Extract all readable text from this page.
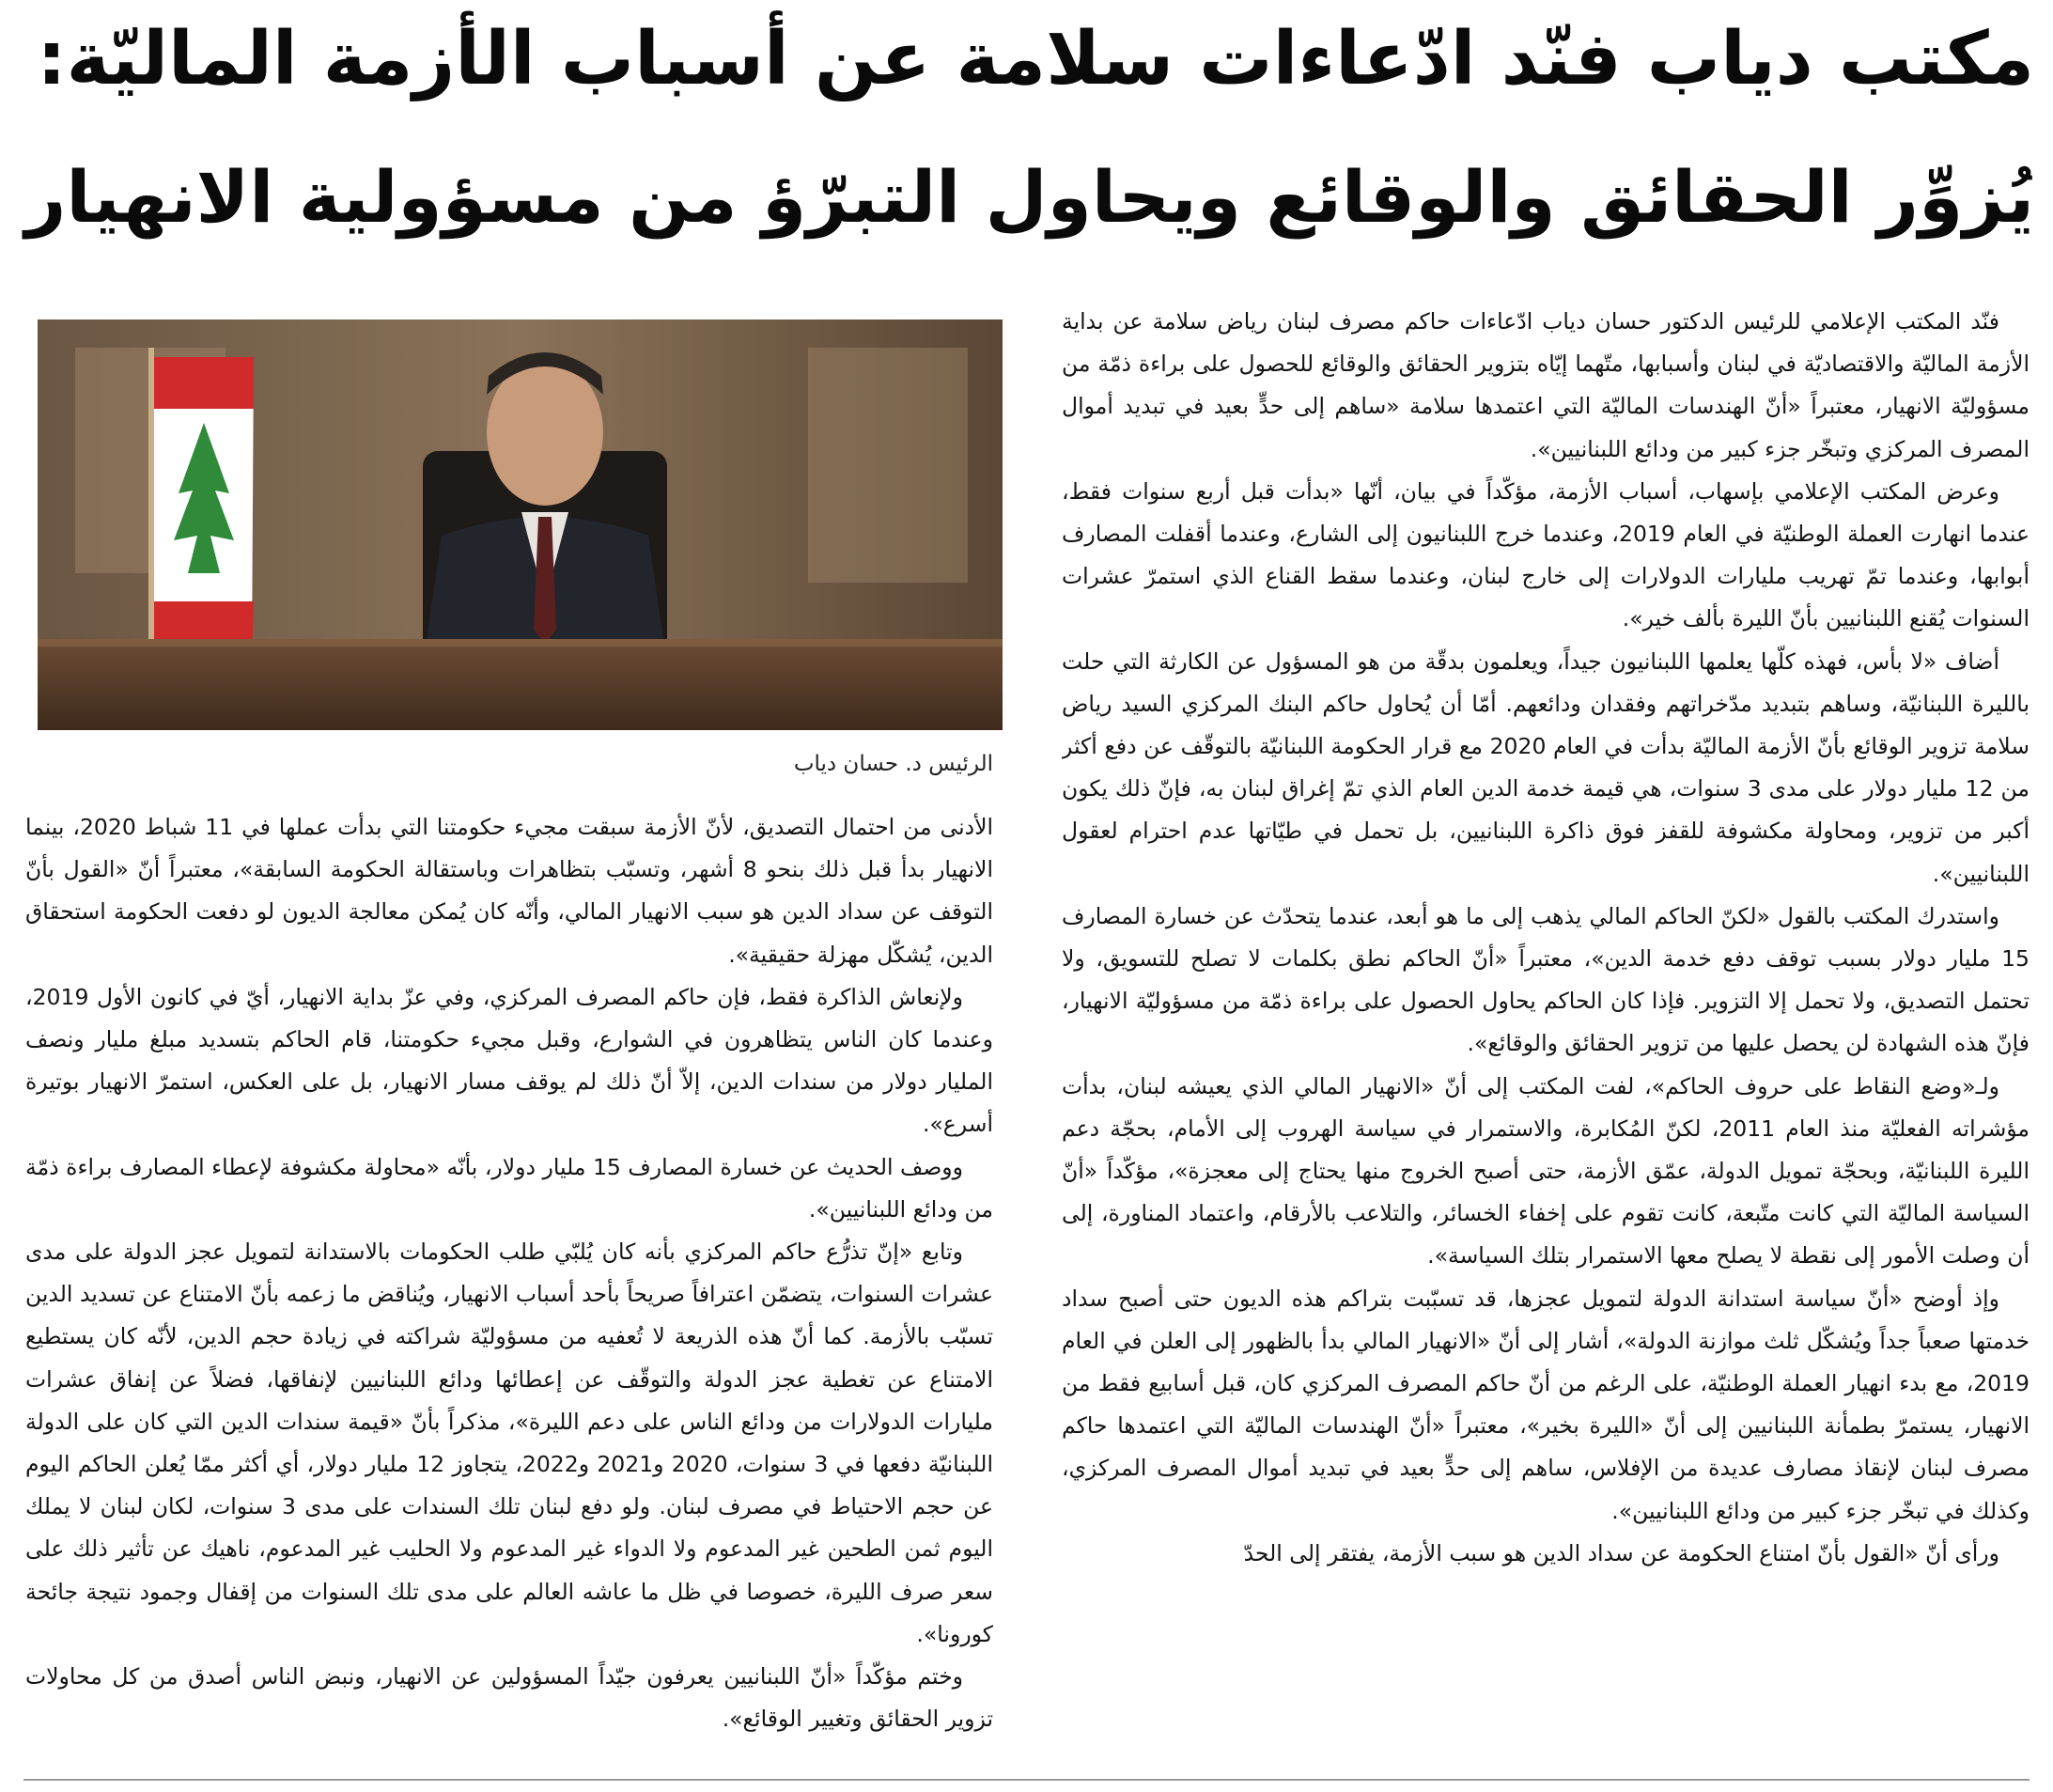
مكتب دياب فنّد ادّعاءات سلامة عن أسباب الأزمة الماليّة:
يُزوِّر الحقائق والوقائع ويحاول التبرّؤ من مسؤولية الانهيار

فنّد المكتب الإعلامي للرئيس الدكتور حسان دياب ادّعاءات حاكم مصرف لبنان رياض سلامة عن بداية الأزمة الماليّة والاقتصاديّة في لبنان وأسبابها، متّهما إيّاه بتزوير الحقائق والوقائع للحصول على براءة ذمّة من مسؤوليّة الانهيار، معتبراً «أنّ الهندسات الماليّة التي اعتمدها سلامة «ساهم إلى حدٍّ بعيد في تبديد أموال المصرف المركزي وتبخّر جزء كبير من ودائع اللبنانيين».

وعرض المكتب الإعلامي بإسهاب، أسباب الأزمة، مؤكّداً في بيان، أنّها «بدأت قبل أربع سنوات فقط، عندما انهارت العملة الوطنيّة في العام 2019، وعندما خرج اللبنانيون إلى الشارع، وعندما أقفلت المصارف أبوابها، وعندما تمّ تهريب مليارات الدولارات إلى خارج لبنان، وعندما سقط القناع الذي استمرّ عشرات السنوات يُقنع اللبنانيين بأنّ الليرة بألف خير».

أضاف «لا بأس، فهذه كلّها يعلمها اللبنانيون جيداً، ويعلمون بدقّة من هو المسؤول عن الكارثة التي حلت بالليرة اللبنانيّة، وساهم بتبديد مدّخراتهم وفقدان ودائعهم. أمّا أن يُحاول حاكم البنك المركزي السيد رياض سلامة تزوير الوقائع بأنّ الأزمة الماليّة بدأت في العام 2020 مع قرار الحكومة اللبنانيّة بالتوقّف عن دفع أكثر من 12 مليار دولار على مدى 3 سنوات، هي قيمة خدمة الدين العام الذي تمّ إغراق لبنان به، فإنّ ذلك يكون أكبر من تزوير، ومحاولة مكشوفة للقفز فوق ذاكرة اللبنانيين، بل تحمل في طيّاتها عدم احترام لعقول اللبنانيين».

واستدرك المكتب بالقول «لكنّ الحاكم المالي يذهب إلى ما هو أبعد، عندما يتحدّث عن خسارة المصارف 15 مليار دولار بسبب توقف دفع خدمة الدين»، معتبراً «أنّ الحاكم نطق بكلمات لا تصلح للتسويق، ولا تحتمل التصديق، ولا تحمل إلا التزوير. فإذا كان الحاكم يحاول الحصول على براءة ذمّة من مسؤوليّة الانهيار، فإنّ هذه الشهادة لن يحصل عليها من تزوير الحقائق والوقائع».

ولـ«وضع النقاط على حروف الحاكم»، لفت المكتب إلى أنّ «الانهيار المالي الذي يعيشه لبنان، بدأت مؤشراته الفعليّة منذ العام 2011، لكنّ المُكابرة، والاستمرار في سياسة الهروب إلى الأمام، بحجّة دعم الليرة اللبنانيّة، وبحجّة تمويل الدولة، عمّق الأزمة، حتى أصبح الخروج منها يحتاج إلى معجزة»، مؤكّداً «أنّ السياسة الماليّة التي كانت متّبعة، كانت تقوم على إخفاء الخسائر، والتلاعب بالأرقام، واعتماد المناورة، إلى أن وصلت الأمور إلى نقطة لا يصلح معها الاستمرار بتلك السياسة».

وإذ أوضح «أنّ سياسة استدانة الدولة لتمويل عجزها، قد تسبّبت بتراكم هذه الديون حتى أصبح سداد خدمتها صعباً جداً ويُشكّل ثلث موازنة الدولة»، أشار إلى أنّ «الانهيار المالي بدأ بالظهور إلى العلن في العام 2019، مع بدء انهيار العملة الوطنيّة، على الرغم من أنّ حاكم المصرف المركزي كان، قبل أسابيع فقط من الانهيار، يستمرّ بطمأنة اللبنانيين إلى أنّ «الليرة بخير»، معتبراً «أنّ الهندسات الماليّة التي اعتمدها حاكم مصرف لبنان لإنقاذ مصارف عديدة من الإفلاس، ساهم إلى حدٍّ بعيد في تبديد أموال المصرف المركزي، وكذلك في تبخّر جزء كبير من ودائع اللبنانيين».

ورأى أنّ «القول بأنّ امتناع الحكومة عن سداد الدين هو سبب الأزمة، يفتقر إلى الحدّ

الرئيس د. حسان دياب

الأدنى من احتمال التصديق، لأنّ الأزمة سبقت مجيء حكومتنا التي بدأت عملها في 11 شباط 2020، بينما الانهيار بدأ قبل ذلك بنحو 8 أشهر، وتسبّب بتظاهرات وباستقالة الحكومة السابقة»، معتبراً أنّ «القول بأنّ التوقف عن سداد الدين هو سبب الانهيار المالي، وأنّه كان يُمكن معالجة الديون لو دفعت الحكومة استحقاق الدين، يُشكّل مهزلة حقيقية».

ولإنعاش الذاكرة فقط، فإن حاكم المصرف المركزي، وفي عزّ بداية الانهيار، أيّ في كانون الأول 2019، وعندما كان الناس يتظاهرون في الشوارع، وقبل مجيء حكومتنا، قام الحاكم بتسديد مبلغ مليار ونصف المليار دولار من سندات الدين، إلاّ أنّ ذلك لم يوقف مسار الانهيار، بل على العكس، استمرّ الانهيار بوتيرة أسرع».

ووصف الحديث عن خسارة المصارف 15 مليار دولار، بأنّه «محاولة مكشوفة لإعطاء المصارف براءة ذمّة من ودائع اللبنانيين».

وتابع «إنّ تذرُّع حاكم المركزي بأنه كان يُلبّي طلب الحكومات بالاستدانة لتمويل عجز الدولة على مدى عشرات السنوات، يتضمّن اعترافاً صريحاً بأحد أسباب الانهيار، ويُناقض ما زعمه بأنّ الامتناع عن تسديد الدين تسبّب بالأزمة. كما أنّ هذه الذريعة لا تُعفيه من مسؤوليّة شراكته في زيادة حجم الدين، لأنّه كان يستطيع الامتناع عن تغطية عجز الدولة والتوقّف عن إعطائها ودائع اللبنانيين لإنفاقها، فضلاً عن إنفاق عشرات مليارات الدولارات من ودائع الناس على دعم الليرة»، مذكراً بأنّ «قيمة سندات الدين التي كان على الدولة اللبنانيّة دفعها في 3 سنوات، 2020 و2021 و2022، يتجاوز 12 مليار دولار، أي أكثر ممّا يُعلن الحاكم اليوم عن حجم الاحتياط في مصرف لبنان. ولو دفع لبنان تلك السندات على مدى 3 سنوات، لكان لبنان لا يملك اليوم ثمن الطحين غير المدعوم ولا الدواء غير المدعوم ولا الحليب غير المدعوم، ناهيك عن تأثير ذلك على سعر صرف الليرة، خصوصا في ظل ما عاشه العالم على مدى تلك السنوات من إقفال وجمود نتيجة جائحة كورونا».

وختم مؤكّداً «أنّ اللبنانيين يعرفون جيّداً المسؤولين عن الانهيار، ونبض الناس أصدق من كل محاولات تزوير الحقائق وتغيير الوقائع».
